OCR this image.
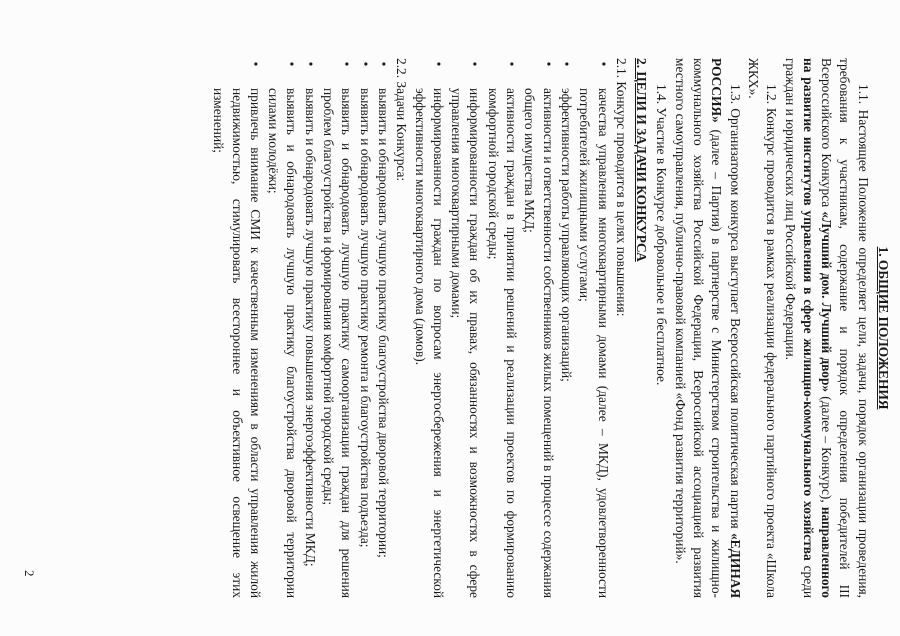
1. ОБЩИЕ ПОЛОЖЕНИЯ

1.1. Настоящее Положение определяет цели, задачи, порядок организации проведения, требования к участникам, содержание и порядок определения победителей III Всероссийского Конкурса «Лучший дом. Лучший двор» (далее – Конкурс), направленного на развитие институтов управления в сфере жилищно-коммунального хозяйства среди граждан и юридических лиц Российской Федерации.

1.2. Конкурс проводится в рамках реализации федерального партийного проекта «Школа ЖКХ».

1.3. Организатором конкурса выступает Всероссийская политическая партия «ЕДИНАЯ РОССИЯ» (далее – Партия) в партнерстве с Министерством строительства и жилищно-коммунального хозяйства Российской Федерации, Всероссийской ассоциацией развития местного самоуправления, публично-правовой компанией «Фонд развития территорий».

1.4. Участие в Конкурсе добровольное и бесплатное.

2. ЦЕЛИ И ЗАДАЧИ КОНКУРСА

2.1. Конкурс проводится в целях повышения:

•
качества управления многоквартирными домами (далее – МКД), удовлетворенности потребителей жилищными услугами;
•
эффективности работы управляющих организаций;
•
активности и ответственности собственников жилых помещений в процессе содержания общего имущества МКД;
•
активности граждан в принятии решений и реализации проектов по формированию комфортной городской среды;
•
информированности граждан об их правах, обязанностях и возможностях в сфере управления многоквартирными домами;
•
информированности граждан по вопросам энергосбережения и энергетической эффективности многоквартирного дома (домов).

2.2. Задачи Конкурса:

•
выявить и обнародовать лучшую практику благоустройства дворовой территории;
•
выявить и обнародовать лучшую практику ремонта и благоустройства подъезда;
•
выявить и обнародовать лучшую практику самоорганизации граждан для решения проблем благоустройства и формирования комфортной городской среды;
•
выявить и обнародовать лучшую практику повышения энергоэффективности МКД;
•
выявить и обнародовать лучшую практику благоустройства дворовой территории силами молодёжи;
•
привлечь внимание СМИ к качественным изменениям в области управления жилой недвижимостью, стимулировать всестороннее и объективное освещение этих изменений;
2
